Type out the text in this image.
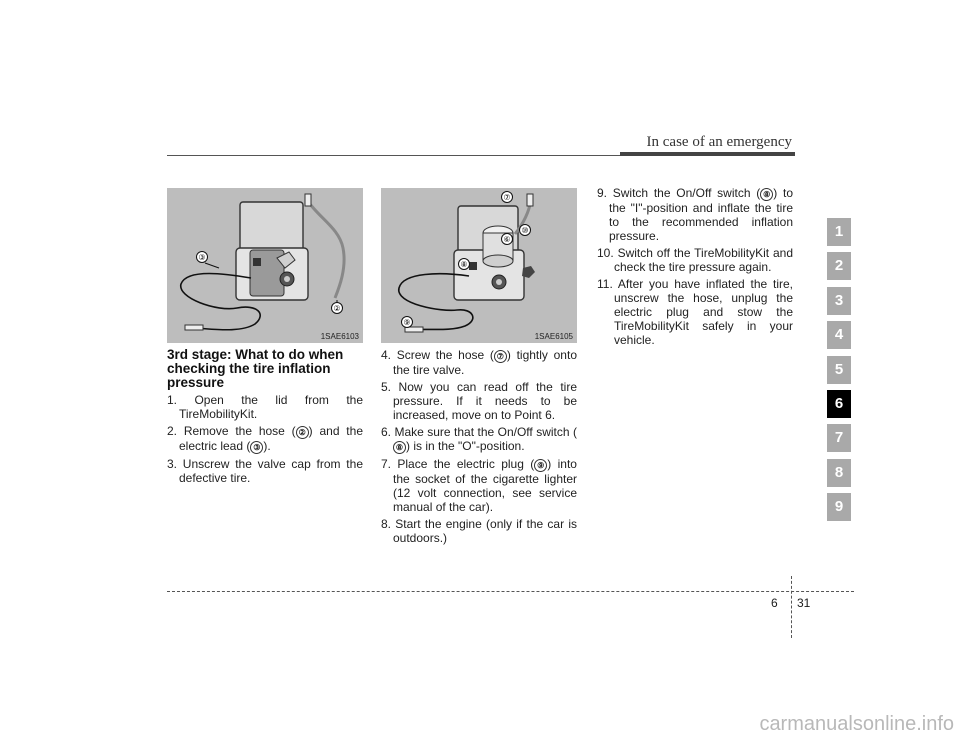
In case of an emergency
③
②
1SAE6103
⑦
⑥
⑩
⑧
⑨
1SAE6105
3rd stage: What to do when checking the tire inflation pressure
1. Open the lid from the TireMobilityKit.
2. Remove the hose ( ② ) and the electric lead ( ③ ).
3. Unscrew the valve cap from the defective tire.
4. Screw the hose ( ⑦ ) tightly onto the tire valve.
5. Now you can read off the tire pressure. If it needs to be increased, move on to Point 6.
6. Make sure that the On/Off switch (⑧ ) is in the "O"-position.
7. Place the electric plug ( ⑨ ) into the socket of the cigarette lighter (12 volt connection, see service manual of the car).
8. Start the engine (only if the car is outdoors.)
9. Switch the On/Off switch ( ⑧ ) to the "I"-position and inflate the tire to the recommended inflation pressure.
10. Switch off the TireMobilityKit and check the tire pressure again.
11. After you have inflated the tire, unscrew the hose, unplug the electric plug and stow the TireMobilityKit safely in your vehicle.
1
2
3
4
5
6
7
8
9
6 31
carmanualsonline.info
